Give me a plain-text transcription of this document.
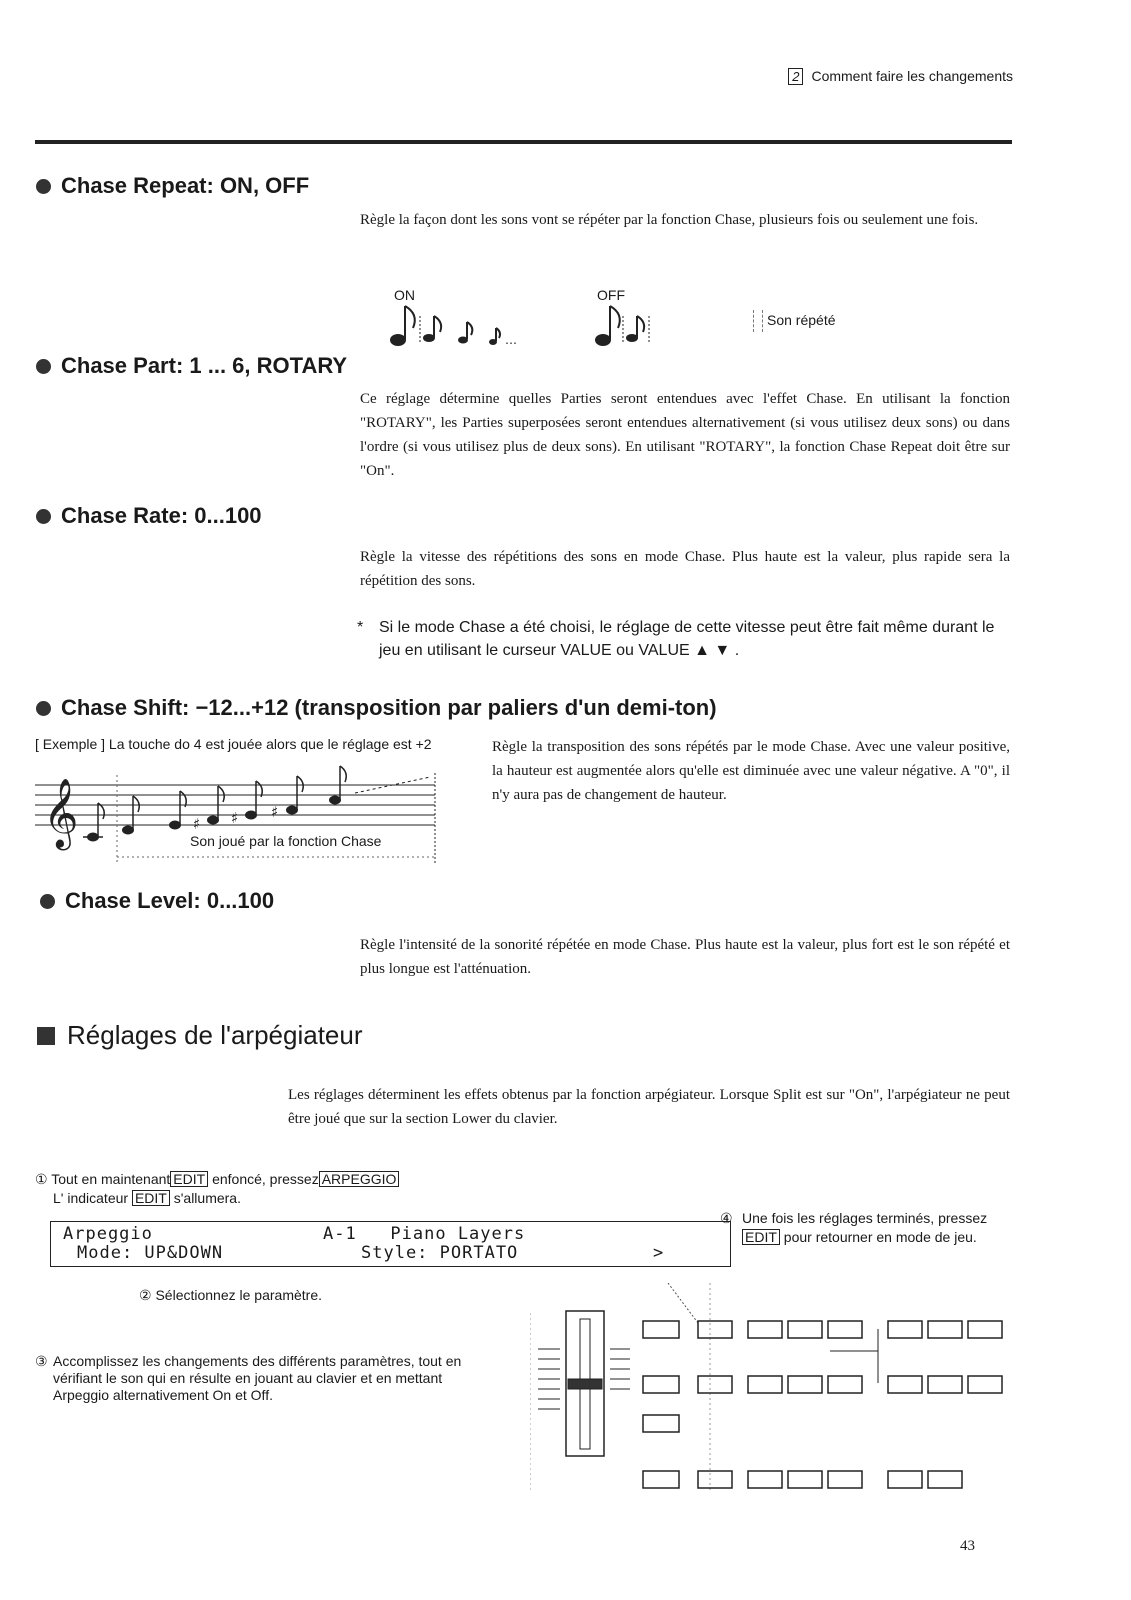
2 Comment faire les changements
Chase Repeat: ON, OFF
Règle la façon dont les sons vont se répéter par la fonction Chase, plusieurs fois ou seulement une fois.
ON	OFF
…
Son répété
Chase Part: 1 ... 6, ROTARY
Ce réglage détermine quelles Parties seront entendues avec l'effet Chase. En utilisant la fonction "ROTARY", les Parties superposées seront entendues alternativement (si vous utilisez deux sons) ou dans l'ordre (si vous utilisez plus de deux sons). En utilisant "ROTARY", la fonction Chase Repeat doit être sur "On".
Chase Rate: 0...100
Règle la vitesse des répétitions des sons en mode Chase. Plus haute est la valeur, plus rapide sera la répétition des sons.
* Si le mode Chase a été choisi, le réglage de cette vitesse peut être fait même durant le jeu en utilisant le curseur VALUE ou VALUE ▲ ▼ .
Chase Shift: −12...+12 (transposition par paliers d'un demi-ton)
[ Exemple ] La touche do 4 est jouée alors que le réglage est +2
𝄞	♯ ♯ ♯
Son joué par la fonction Chase
Règle la transposition des sons répétés par le mode Chase. Avec une valeur positive, la hauteur est augmentée alors qu'elle est diminuée avec une valeur négative. A "0", il n'y aura pas de changement de hauteur.
Chase Level: 0...100
Règle l'intensité de la sonorité répétée en mode Chase. Plus haute est la valeur, plus fort est le son répété et plus longue est l'atténuation.
Réglages de l'arpégiateur
Les réglages déterminent les effets obtenus par la fonction arpégiateur. Lorsque Split est sur "On", l'arpégiateur ne peut être joué que sur la section Lower du clavier.
① Tout en maintenant EDIT enfoncé, pressez ARPEGGIO
L' indicateur EDIT s'allumera.
Arpeggio	A-1   Piano Layers
Mode: UP&DOWN	Style: PORTATO	>
② Sélectionnez le paramètre.
③ Accomplissez les changements des différents paramètres, tout en vérifiant le son qui en résulte en jouant au clavier et en mettant Arpeggio alternativement On et Off.
④ Une fois les réglages terminés, pressez
EDIT pour retourner en mode de jeu.
43
